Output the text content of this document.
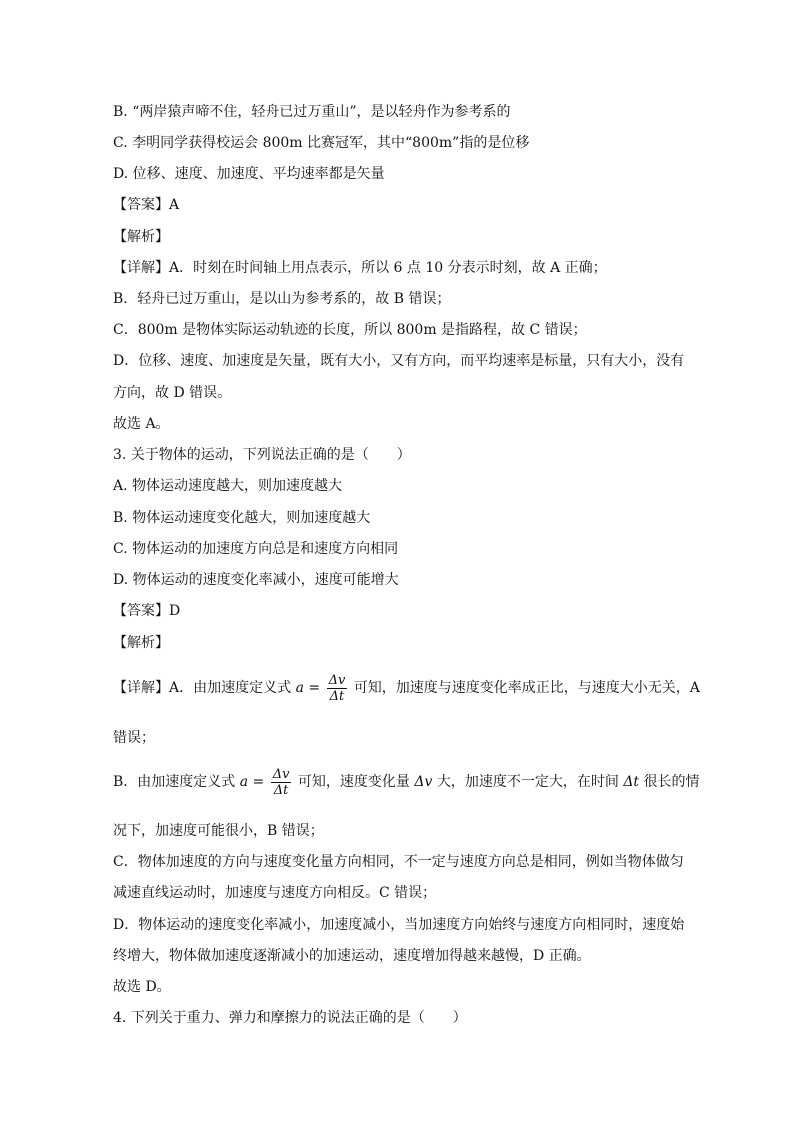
B. “两岸猿声啼不住，轻舟已过万重山”，是以轻舟作为参考系的
C. 李明同学获得校运会 800m 比赛冠军，其中“800m”指的是位移
D. 位移、速度、加速度、平均速率都是矢量
【答案】A
【解析】
【详解】A．时刻在时间轴上用点表示，所以 6 点 10 分表示时刻，故 A 正确；
B．轻舟已过万重山，是以山为参考系的，故 B 错误；
C．800m 是物体实际运动轨迹的长度，所以 800m 是指路程，故 C 错误；
D．位移、速度、加速度是矢量，既有大小，又有方向，而平均速率是标量，只有大小，没有
方向，故 D 错误。
故选 A。
3. 关于物体的运动，下列说法正确的是（　　）
A. 物体运动速度越大，则加速度越大
B. 物体运动速度变化越大，则加速度越大
C. 物体运动的加速度方向总是和速度方向相同
D. 物体运动的速度变化率减小，速度可能增大
【答案】D
【解析】
【详解】A．由加速度定义式 $a = \frac{\Delta v}{\Delta t}$ 可知，加速度与速度变化率成正比，与速度大小无关，A
错误；
B．由加速度定义式 $a = \frac{\Delta v}{\Delta t}$ 可知，速度变化量 Δv 大，加速度不一定大，在时间 Δt 很长的情
况下，加速度可能很小，B 错误；
C．物体加速度的方向与速度变化量方向相同，不一定与速度方向总是相同，例如当物体做匀
减速直线运动时，加速度与速度方向相反。C 错误；
D．物体运动的速度变化率减小，加速度减小，当加速度方向始终与速度方向相同时，速度始
终增大，物体做加速度逐渐减小的加速运动，速度增加得越来越慢，D 正确。
故选 D。
4. 下列关于重力、弹力和摩擦力的说法正确的是（　　）
